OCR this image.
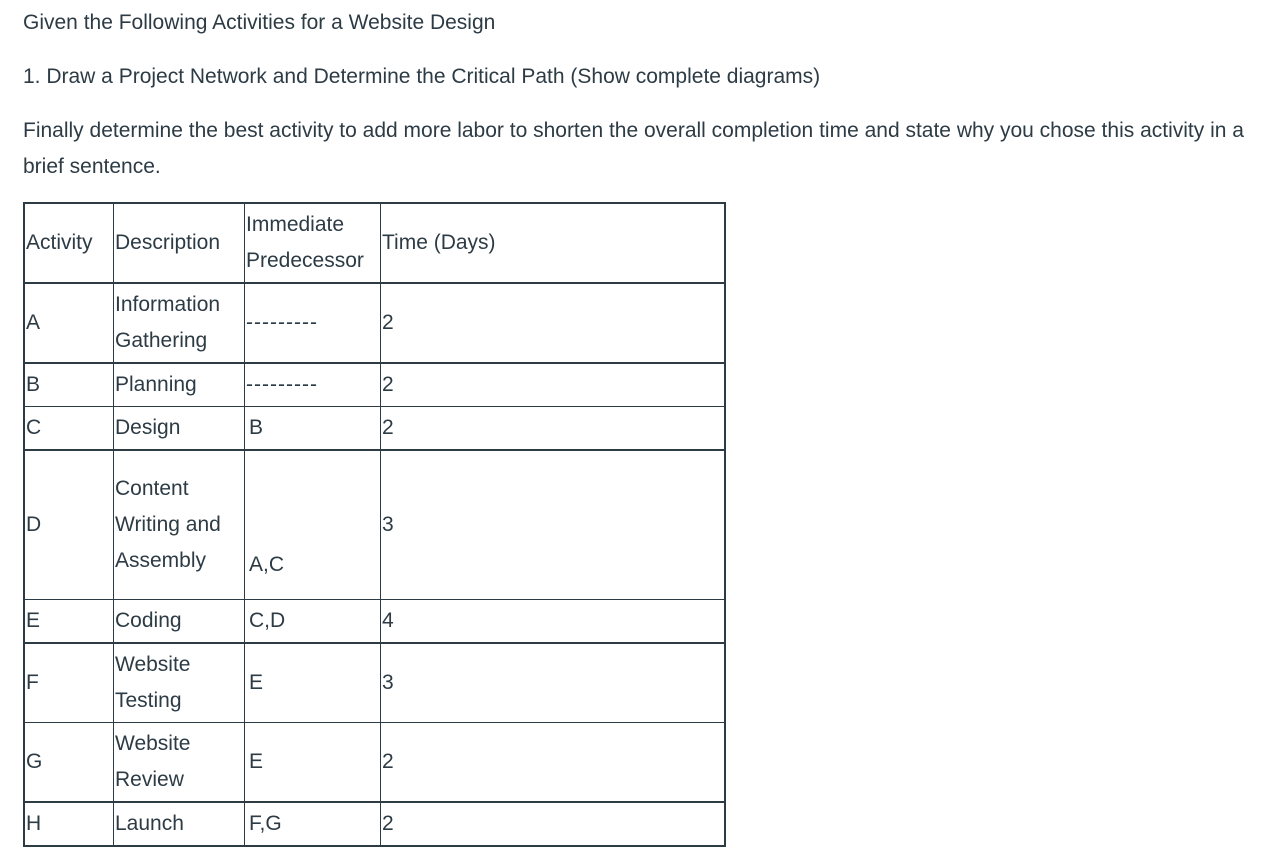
Given the Following Activities for a Website Design

1. Draw a Project Network and Determine the Critical Path (Show complete diagrams)

Finally determine the best activity to add more labor to shorten the overall completion time and state why you chose this activity in a brief sentence.

Activity	Description	Immediate Predecessor	Time (Days)
A	Information Gathering	---------	2
B	Planning	---------	2
C	Design	B	2
D	Content Writing and Assembly	A,C	3
E	Coding	C,D	4
F	Website Testing	E	3
G	Website Review	E	2
H	Launch	F,G	2
